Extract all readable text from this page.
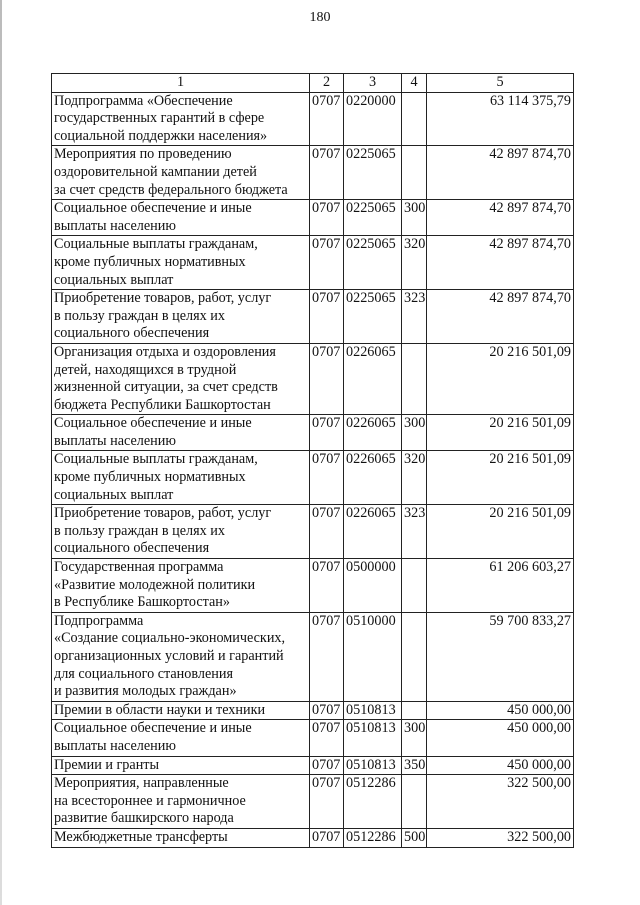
180
1	2	3	4	5
Подпрограмма «Обеспечение
государственных гарантий в сфере
социальной поддержки населения»	0707	0220000		63 114 375,79
Мероприятия по проведению
оздоровительной кампании детей
за счет средств федерального бюджета	0707	0225065		42 897 874,70
Социальное обеспечение и иные
выплаты населению	0707	0225065	300	42 897 874,70
Социальные выплаты гражданам,
кроме публичных нормативных
социальных выплат	0707	0225065	320	42 897 874,70
Приобретение товаров, работ, услуг
в пользу граждан в целях их
социального обеспечения	0707	0225065	323	42 897 874,70
Организация отдыха и оздоровления
детей, находящихся в трудной
жизненной ситуации, за счет средств
бюджета Республики Башкортостан	0707	0226065		20 216 501,09
Социальное обеспечение и иные
выплаты населению	0707	0226065	300	20 216 501,09
Социальные выплаты гражданам,
кроме публичных нормативных
социальных выплат	0707	0226065	320	20 216 501,09
Приобретение товаров, работ, услуг
в пользу граждан в целях их
социального обеспечения	0707	0226065	323	20 216 501,09
Государственная программа
«Развитие молодежной политики
в Республике Башкортостан»	0707	0500000		61 206 603,27
Подпрограмма
«Создание социально-экономических,
организационных условий и гарантий
для социального становления
и развития молодых граждан»	0707	0510000		59 700 833,27
Премии в области науки и техники	0707	0510813		450 000,00
Социальное обеспечение и иные
выплаты населению	0707	0510813	300	450 000,00
Премии и гранты	0707	0510813	350	450 000,00
Мероприятия, направленные
на всестороннее и гармоничное
развитие башкирского народа	0707	0512286		322 500,00
Межбюджетные трансферты	0707	0512286	500	322 500,00
